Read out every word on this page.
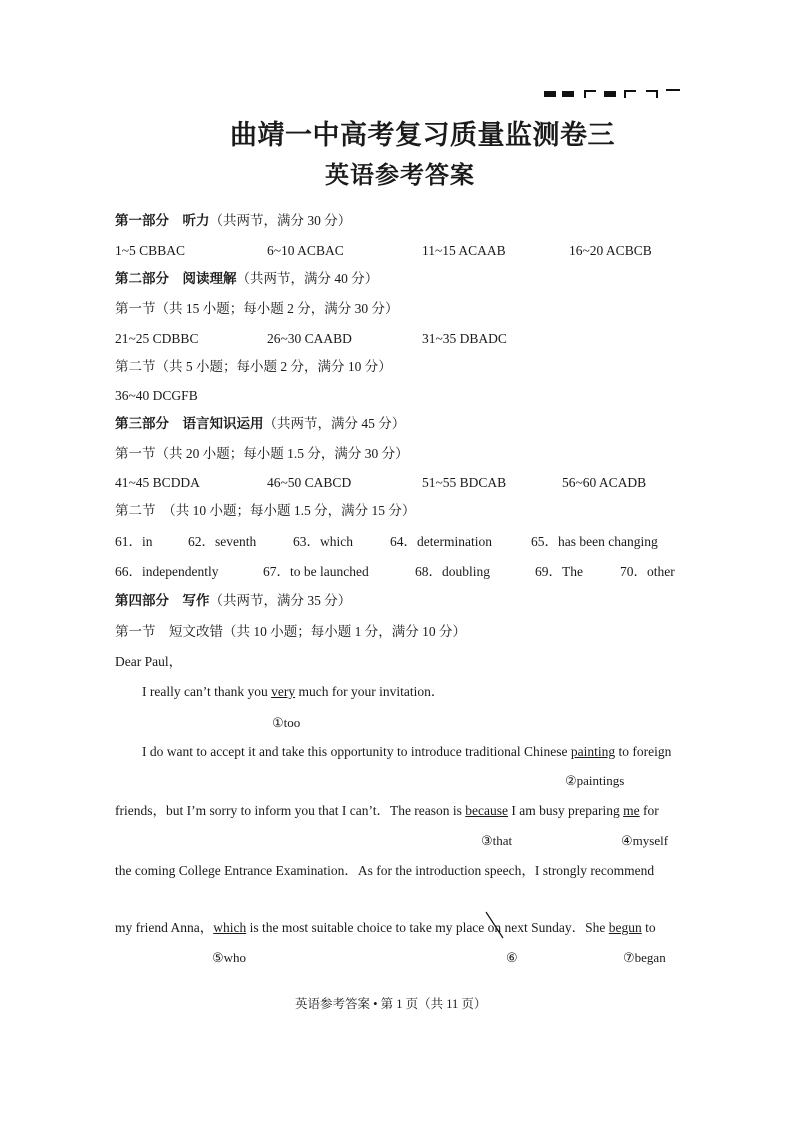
曲靖一中高考复习质量监测卷三
英语参考答案
第一部分　听力（共两节，满分 30 分）
1~5 CBBAC	6~10 ACBAC	11~15 ACAAB	16~20 ACBCB
第二部分　阅读理解（共两节，满分 40 分）
第一节（共 15 小题；每小题 2 分，满分 30 分）
21~25 CDBBC	26~30 CAABD	31~35 DBADC
第二节（共 5 小题；每小题 2 分，满分 10 分）
36~40 DCGFB
第三部分　语言知识运用（共两节，满分 45 分）
第一节（共 20 小题；每小题 1.5 分，满分 30 分）
41~45 BCDDA	46~50 CABCD	51~55 BDCAB	56~60 ACADB
第二节　（共 10 小题；每小题 1.5 分，满分 15 分）
61．in	62．seventh	63．which	64．determination	65．has been changing
66．independently	67．to be launched	68．doubling	69．The	70．other
第四部分　写作（共两节，满分 35 分）
第一节　短文改错（共 10 小题；每小题 1 分，满分 10 分）
Dear Paul，
I really can’t thank you very much for your invitation．
①too
I do want to accept it and take this opportunity to introduce traditional Chinese painting to foreign
②paintings
friends，but I’m sorry to inform you that I can’t．The reason is because I am busy preparing me for
③that	④myself
the coming College Entrance Examination．As for the introduction speech，I strongly recommend
my friend Anna，which is the most suitable choice to take my place on
next Sunday．She begun to
⑤who	⑥	⑦began
英语参考答案 • 第 1 页（共 11 页）
